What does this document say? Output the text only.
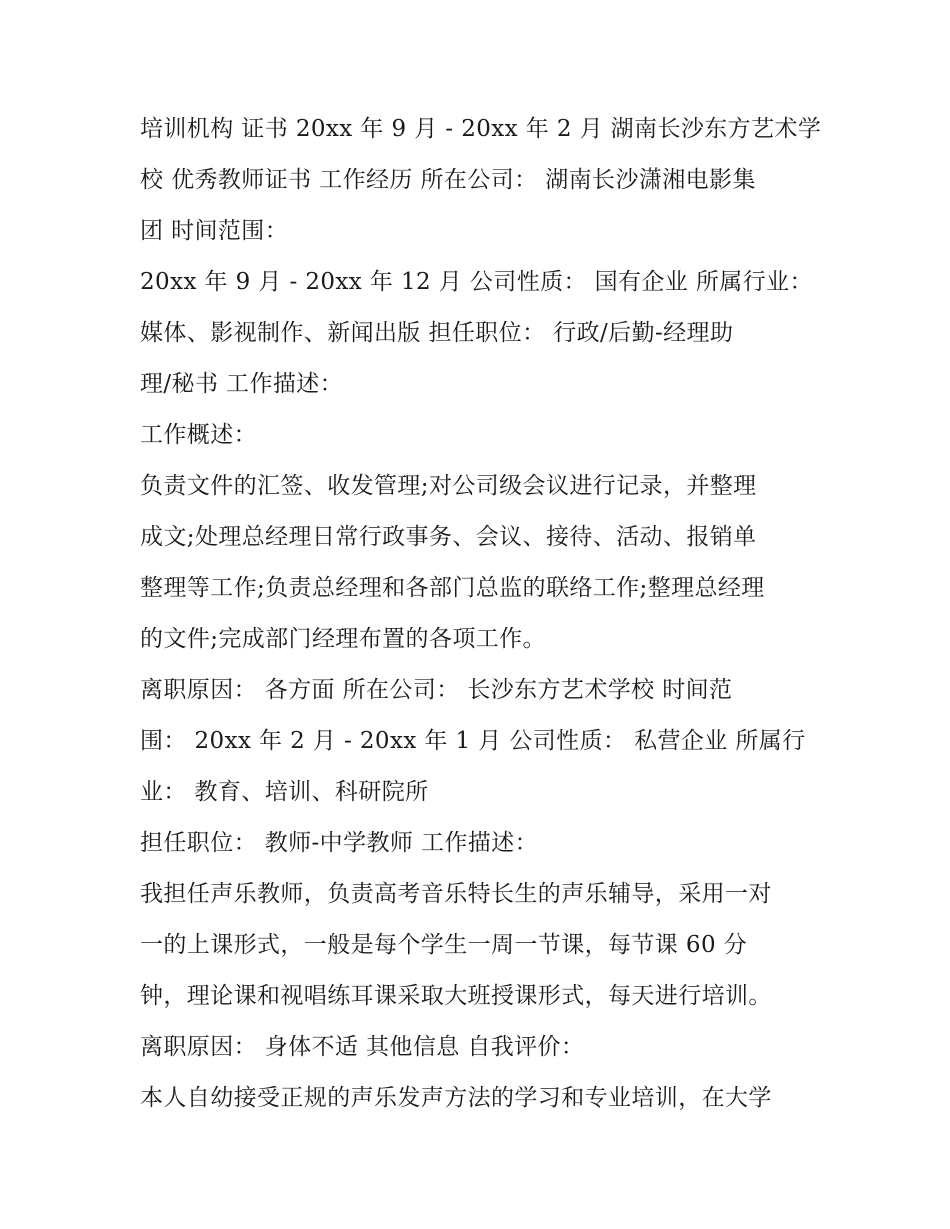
培训机构 证书 20xx 年 9 月 - 20xx 年 2 月 湖南长沙东方艺术学
校 优秀教师证书 工作经历 所在公司： 湖南长沙潇湘电影集
团 时间范围：
20xx 年 9 月 - 20xx 年 12 月 公司性质： 国有企业 所属行业：
媒体、影视制作、新闻出版 担任职位： 行政/后勤-经理助
理/秘书 工作描述：
工作概述：
负责文件的汇签、收发管理;对公司级会议进行记录，并整理
成文;处理总经理日常行政事务、会议、接待、活动、报销单
整理等工作;负责总经理和各部门总监的联络工作;整理总经理
的文件;完成部门经理布置的各项工作。
离职原因： 各方面 所在公司： 长沙东方艺术学校 时间范
围： 20xx 年 2 月 - 20xx 年 1 月 公司性质： 私营企业 所属行
业： 教育、培训、科研院所
担任职位： 教师-中学教师 工作描述：
我担任声乐教师，负责高考音乐特长生的声乐辅导，采用一对
一的上课形式，一般是每个学生一周一节课，每节课 60 分
钟，理论课和视唱练耳课采取大班授课形式，每天进行培训。
离职原因： 身体不适 其他信息 自我评价：
本人自幼接受正规的声乐发声方法的学习和专业培训，在大学
